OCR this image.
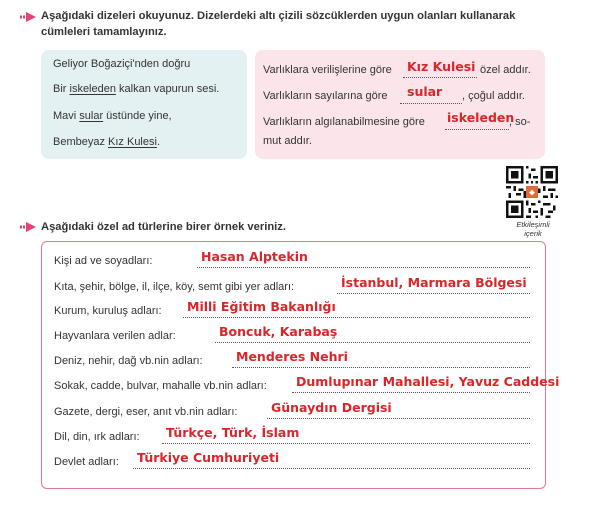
Aşağıdaki dizeleri okuyunuz. Dizelerdeki altı çizili sözcüklerden uygun olanları kullanarak
cümleleri tamamlayınız.
Geliyor Boğaziçi'nden doğru
Bir iskeleden kalkan vapurun sesi.
Mavi sular üstünde yine,
Bembeyaz Kız Kulesi.
Varlıklara verilişlerine göre Kız Kulesi özel addır.
Varlıkların sayılarına göre sular , çoğul addır.
Varlıkların algılanabilmesine göre iskeleden
, so-
mut addır.
◆
Etkileşimli
içerik
Aşağıdaki özel ad türlerine birer örnek veriniz.
Kişi ad ve soyadları:	Hasan Alptekin
Kıta, şehir, bölge, il, ilçe, köy, semt gibi yer adları:	İstanbul, Marmara Bölgesi
Kurum, kuruluş adları: Milli Eğitim Bakanlığı
Hayvanlara verilen adlar:	Boncuk, Karabaş
Deniz, nehir, dağ vb.nin adları:	Menderes Nehri
Sokak, cadde, bulvar, mahalle vb.nin adları: Dumlupınar Mahallesi, Yavuz Caddesi
Gazete, dergi, eser, anıt vb.nin adları:	Günaydın Dergisi
Dil, din, ırk adları: Türkçe, Türk, İslam
Devlet adları: Türkiye Cumhuriyeti
